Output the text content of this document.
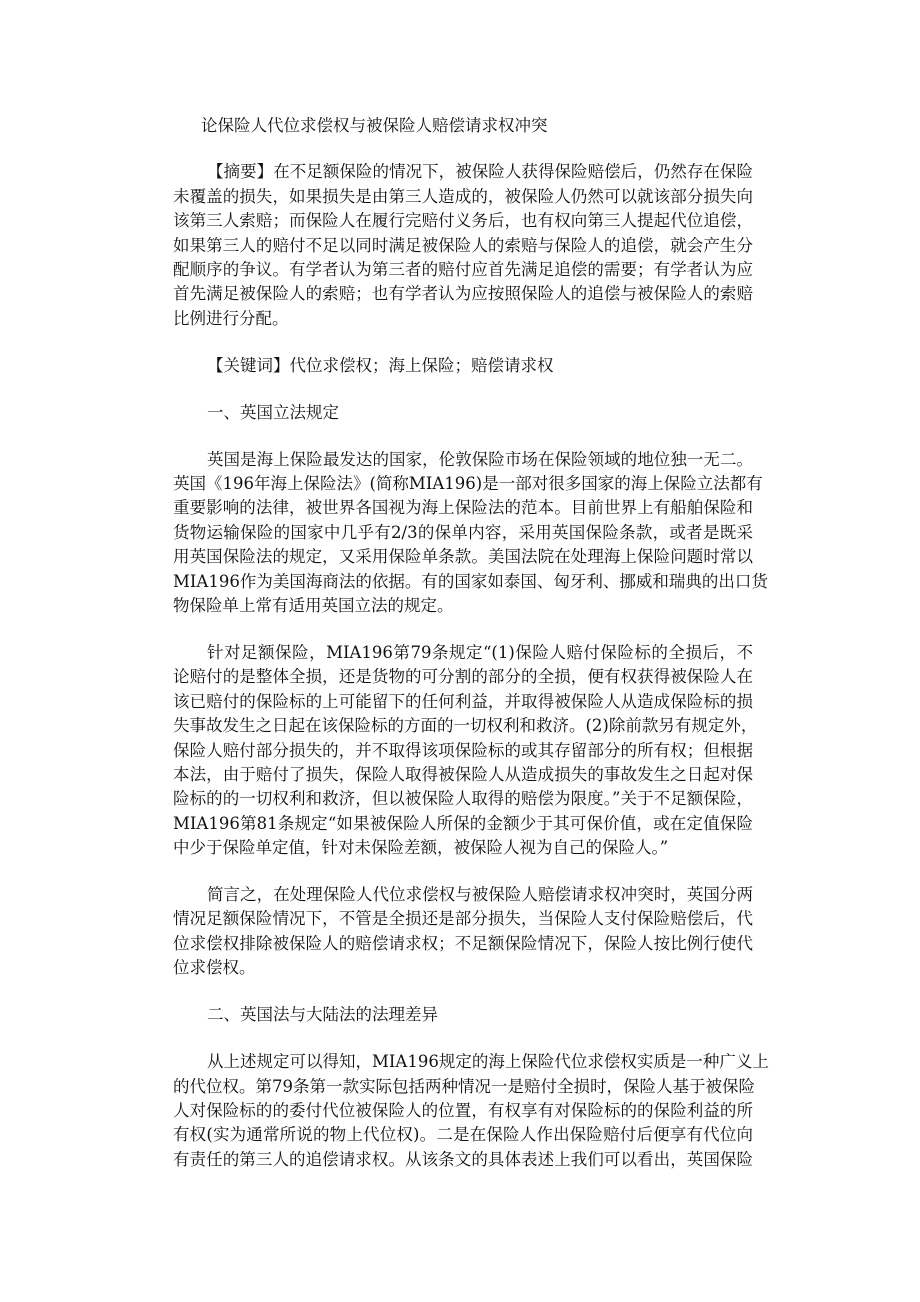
论保险人代位求偿权与被保险人赔偿请求权冲突
【摘要】在不足额保险的情况下，被保险人获得保险赔偿后，仍然存在保险
未覆盖的损失，如果损失是由第三人造成的，被保险人仍然可以就该部分损失向
该第三人索赔；而保险人在履行完赔付义务后，也有权向第三人提起代位追偿，
如果第三人的赔付不足以同时满足被保险人的索赔与保险人的追偿，就会产生分
配顺序的争议。有学者认为第三者的赔付应首先满足追偿的需要；有学者认为应
首先满足被保险人的索赔；也有学者认为应按照保险人的追偿与被保险人的索赔
比例进行分配。
【关键词】代位求偿权；海上保险；赔偿请求权
一、英国立法规定
英国是海上保险最发达的国家，伦敦保险市场在保险领域的地位独一无二。
英国《196年海上保险法》(简称MIA196)是一部对很多国家的海上保险立法都有
重要影响的法律，被世界各国视为海上保险法的范本。目前世界上有船舶保险和
货物运输保险的国家中几乎有2/3的保单内容，采用英国保险条款，或者是既采
用英国保险法的规定，又采用保险单条款。美国法院在处理海上保险问题时常以
MIA196作为美国海商法的依据。有的国家如泰国、匈牙利、挪威和瑞典的出口货
物保险单上常有适用英国立法的规定。
针对足额保险，MIA196第79条规定“(1)保险人赔付保险标的全损后，不
论赔付的是整体全损，还是货物的可分割的部分的全损，便有权获得被保险人在
该已赔付的保险标的上可能留下的任何利益，并取得被保险人从造成保险标的损
失事故发生之日起在该保险标的方面的一切权利和救济。(2)除前款另有规定外，
保险人赔付部分损失的，并不取得该项保险标的或其存留部分的所有权；但根据
本法，由于赔付了损失，保险人取得被保险人从造成损失的事故发生之日起对保
险标的的一切权利和救济，但以被保险人取得的赔偿为限度。”关于不足额保险，
MIA196第81条规定“如果被保险人所保的金额少于其可保价值，或在定值保险
中少于保险单定值，针对未保险差额，被保险人视为自己的保险人。”
简言之，在处理保险人代位求偿权与被保险人赔偿请求权冲突时，英国分两
情况足额保险情况下，不管是全损还是部分损失，当保险人支付保险赔偿后，代
位求偿权排除被保险人的赔偿请求权；不足额保险情况下，保险人按比例行使代
位求偿权。
二、英国法与大陆法的法理差异
从上述规定可以得知，MIA196规定的海上保险代位求偿权实质是一种广义上
的代位权。第79条第一款实际包括两种情况一是赔付全损时，保险人基于被保险
人对保险标的的委付代位被保险人的位置，有权享有对保险标的的保险利益的所
有权(实为通常所说的物上代位权)。二是在保险人作出保险赔付后便享有代位向
有责任的第三人的追偿请求权。从该条文的具体表述上我们可以看出，英国保险
